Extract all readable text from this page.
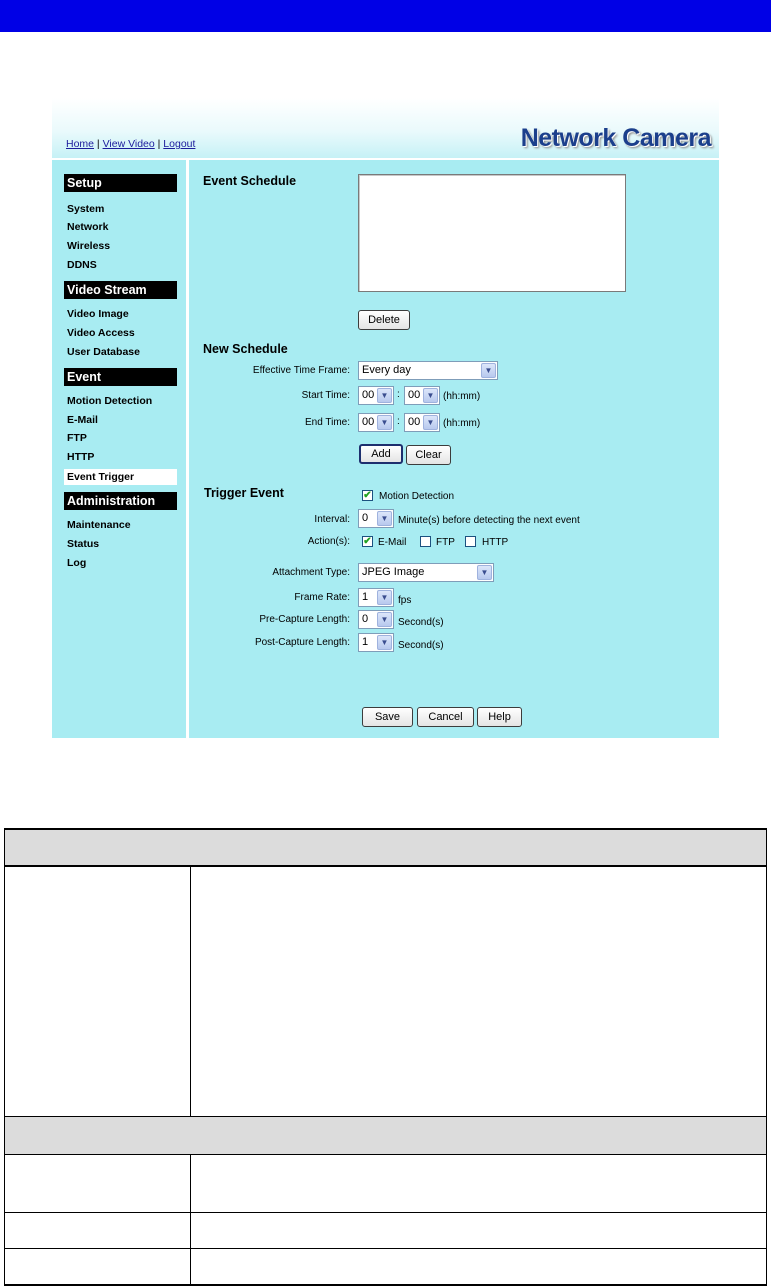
Home | View Video | Logout	Network Camera
Setup
System
Network
Wireless
DDNS
Video Stream
Video Image
Video Access
User Database
Event
Motion Detection
E-Mail
FTP
HTTP
Event Trigger
Administration
Maintenance
Status
Log
Event Schedule
Delete
New Schedule
Effective Time Frame:	Every day	▼
Start Time:	00 ▼ : 00 ▼ (hh:mm)
End Time:	00 ▼ : 00 ▼ (hh:mm)
Add	Clear
Trigger Event	✔ Motion Detection
Interval:	0	▼ Minute(s) before detecting the next event
Action(s): ✔ E-Mail	FTP	HTTP
Attachment Type:	JPEG Image	▼
Frame Rate:	1	▼ fps
Pre-Capture Length:	0	▼ Second(s)
Post-Capture Length:	1	▼ Second(s)
Save	Cancel	Help
